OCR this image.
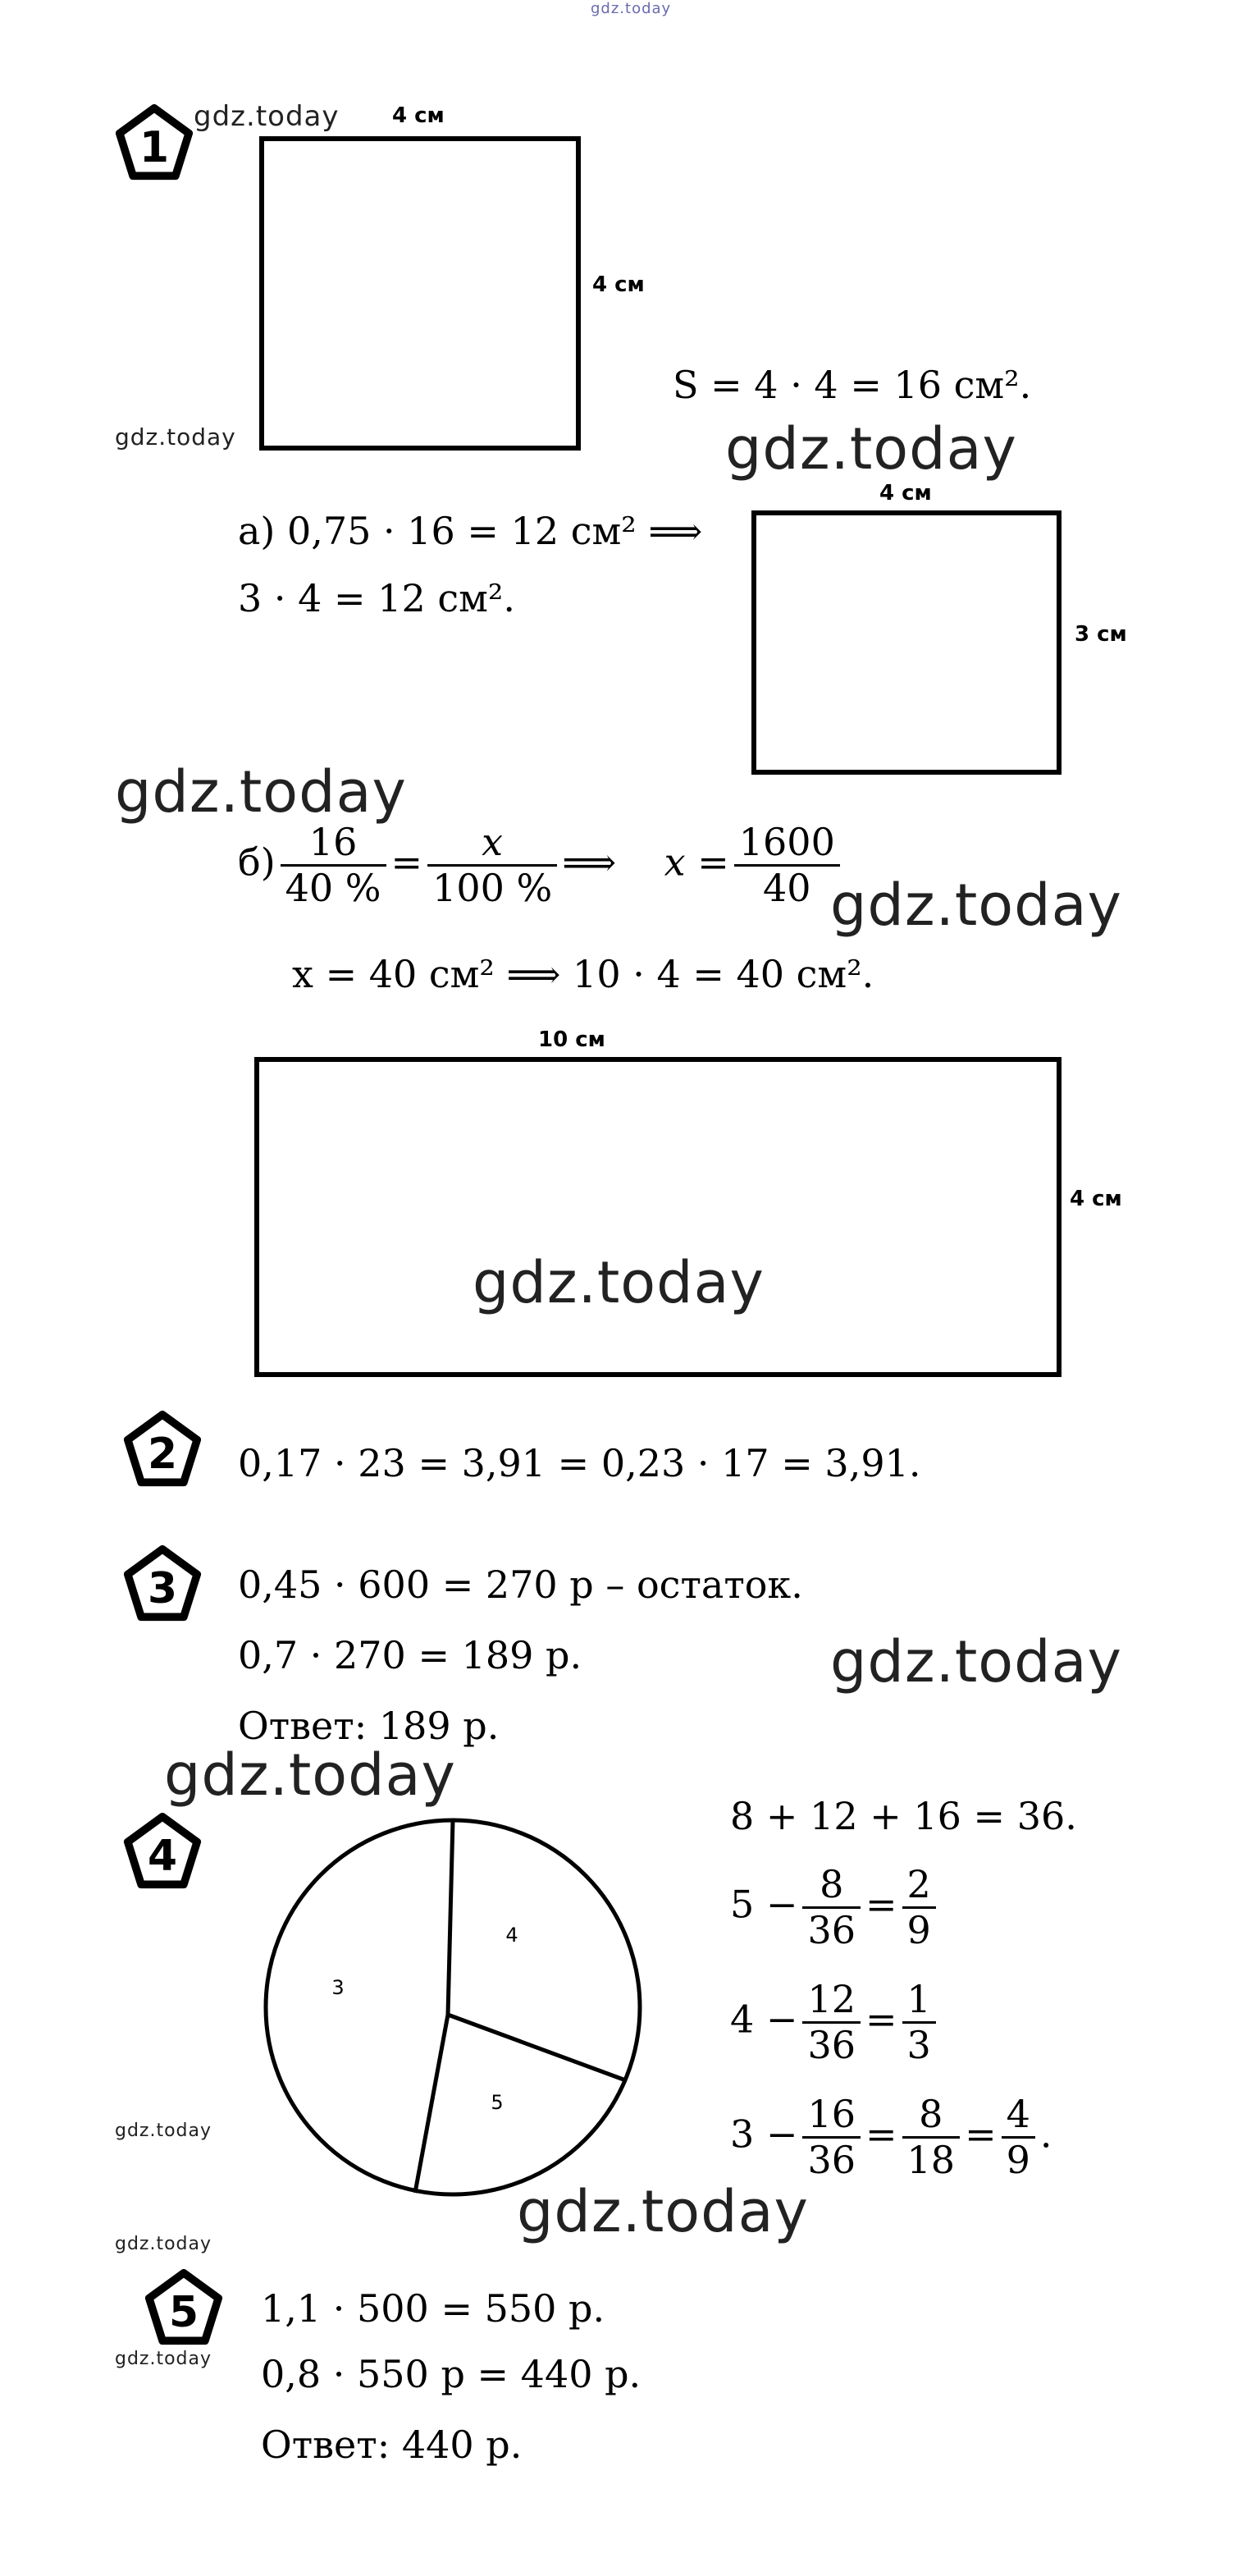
gdz.today
1
gdz.today 4 см
4 см
gdz.today
S = 4 · 4 = 16 см².
gdz.today
а) 0,75 · 16 = 12 см² ⟹
3 · 4 = 12 см².
4 см
3 см
gdz.today
$б) \frac{16}{40 \%} = \frac{x}{100 \%}$ ⟹ $x = \frac{1600}{40}$
gdz.today
x = 40 см² ⟹ 10 · 4 = 40 см².
10 см
4 см
gdz.today
2 0,17 · 23 = 3,91 = 0,23 · 17 = 3,91.
3 0,45 · 600 = 270 р – остаток.
0,7 · 270 = 189 р.	gdz.today
Ответ: 189 р.
gdz.today
4
4
3
5
8 + 12 + 16 = 36.
$5 - \frac{8}{36} = \frac{2}{9}$
$4 - \frac{12}{36} = \frac{1}{3}$
$3 - \frac{16}{36} = \frac{8}{18} = \frac{4}{9}$ .
gdz.today
gdz.today
gdz.today
5
gdz.today
1,1 · 500 = 550 р.
0,8 · 550 р = 440 р.
Ответ: 440 р.
